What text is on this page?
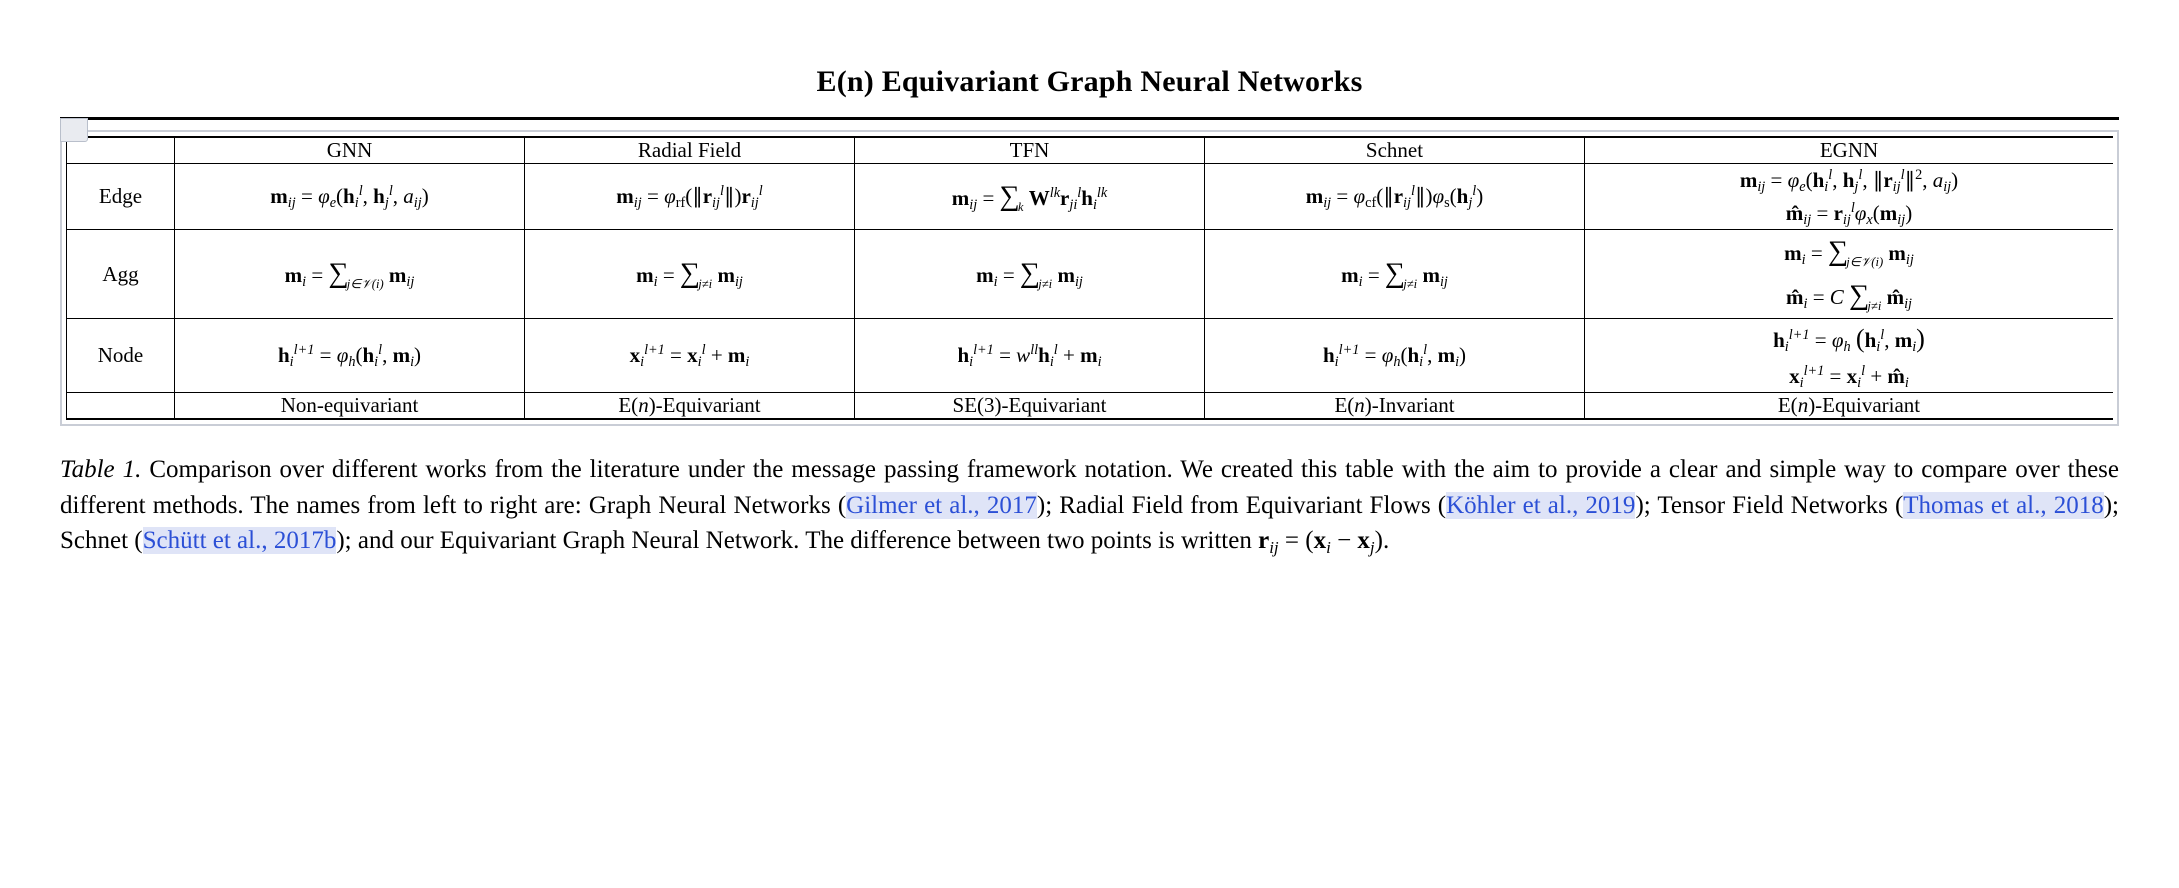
E(n) Equivariant Graph Neural Networks
	GNN	Radial Field	TFN	Schnet	EGNN
Edge	$m_{ij} = \varphi_e(h_i^l$, $h_j^l$, $a_{ij}$)	$m_{ij}$ = $\varphi_{rf}(\parallel r_{ij}^l\parallel)r_{ij}^l$	$m_{ij} = \sum k$ $W^{lk}r_{ji}^lh_i^{lk}$	$m_{ij}$ = $\varphi_{cf}(\parallel r_{ij}^l\parallel)\varphi_s(h_j^l)$	$m_{ij} = \varphi_e(h_i^l$, $h_j^l$, $\parallel r_{ij}^l\parallel^2$, $a_{ij}$)
$m̂_{ij} = r_{ij}^l\varphi_x(m_{ij})$

Agg	$m_i$ = ∑j∈𝒱(i) $m_{ij}$	$m_i = \sum j\ne i$ $m_{ij}$	$m_i = \sum j\ne i$ $m_{ij}$	$m_i = \sum j\ne i$ $m_{ij}$	$m_i$ = ∑j∈𝒱(i) $m_{ij}$
$m̂_i = C$ ∑j≠i $m̂_{ij}$

Node	$h_i^{l+1} = \varphi_h(h_i^l$, $m_i$)	$x_i^{l+1} = x_i^l + m_i$	$h_i^{l+1} = w^{ll}h_i^l + m_i$	$h_i^{l+1} = \varphi_h(h_i^l$, $m_i$)	$h_i^{l+1} = \varphi_h$ ($h_i^l$, $m_i$)
$x_i^{l+1} = x_i^l$ + $m̂_i$

	Non-equivariant	E(n)-Equivariant	SE(3)-Equivariant	E(n)-Invariant	E(n)-Equivariant
Table 1. Comparison over different works from the literature under the message passing framework notation. We created this table with the aim to provide a clear and simple way to compare over these different methods. The names from left to right are: Graph Neural Networks (Gilmer et al., 2017); Radial Field from Equivariant Flows (Köhler et al., 2019); Tensor Field Networks (Thomas et al., 2018); Schnet (Schütt et al., 2017b); and our Equivariant Graph Neural Network. The difference between two points is written $r_{ij} = (x_i - x_j)$.
